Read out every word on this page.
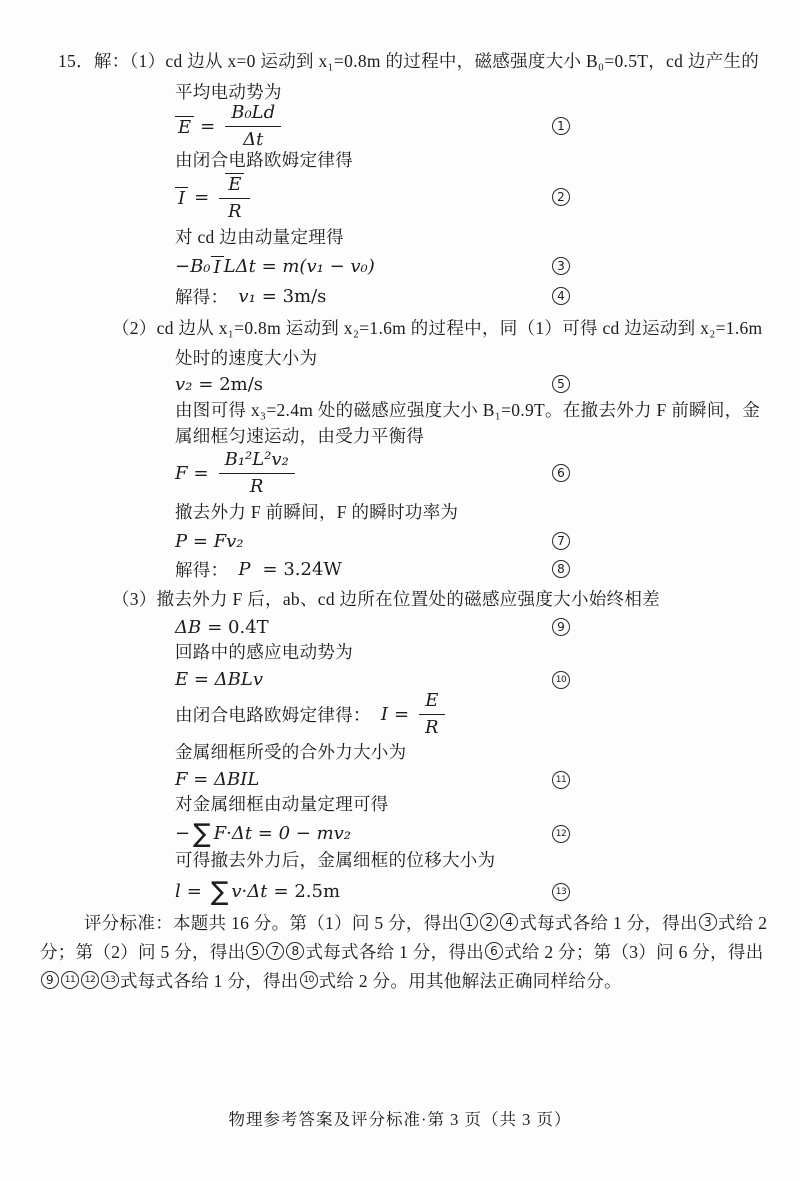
15．解：（1）cd 边从 x=0 运动到 x₁=0.8m 的过程中，磁感强度大小 B₀=0.5T，cd 边产生的
平均电动势为
$E = \frac{\text{B₀Ld}}{\Delta t}$	1
由闭合电路欧姆定律得
$I = \frac{E}{R}$	2
对 cd 边由动量定理得
−B₀ I LΔt = m(v₁ − v₀)	3
解得： v₁ = 3m/s	4
（2）cd 边从 x₁=0.8m 运动到 x₂=1.6m 的过程中，同（1）可得 cd 边运动到 x₂=1.6m
处时的速度大小为
v₂ = 2m/s	5
由图可得 x₃=2.4m 处的磁感应强度大小 B₁=0.9T。在撤去外力 F 前瞬间，金
属细框匀速运动，由受力平衡得
$F = \frac{\text{B₁²L²v₂}}{R}$	6
撤去外力 F 前瞬间，F 的瞬时功率为
P = Fv₂	7
解得： P = 3.24W	8
（3）撤去外力 F 后，ab、cd 边所在位置处的磁感应强度大小始终相差
ΔB = 0.4T	9
回路中的感应电动势为
E = ΔBLv	10
由闭合电路欧姆定律得： $I = \frac{E}{R}$
金属细框所受的合外力大小为
F = ΔBIL	11
对金属细框由动量定理可得
− ∑ F·Δt = 0 − mv₂	12
可得撤去外力后，金属细框的位移大小为
l = ∑ v·Δt = 2.5m	13
评分标准：本题共 16 分。第（1）问 5 分，得出 1	2	4 式每式各给 1 分，得出 3 式给 2
分；第（2）问 5 分，得出 5	7	8 式每式各给 1 分，得出 6 式给 2 分；第（3）问 6 分，得出
9	11	12	13 式每式各给 1 分，得出 10 式给 2 分。用其他解法正确同样给分。
物理参考答案及评分标准·第 3 页（共 3 页）
